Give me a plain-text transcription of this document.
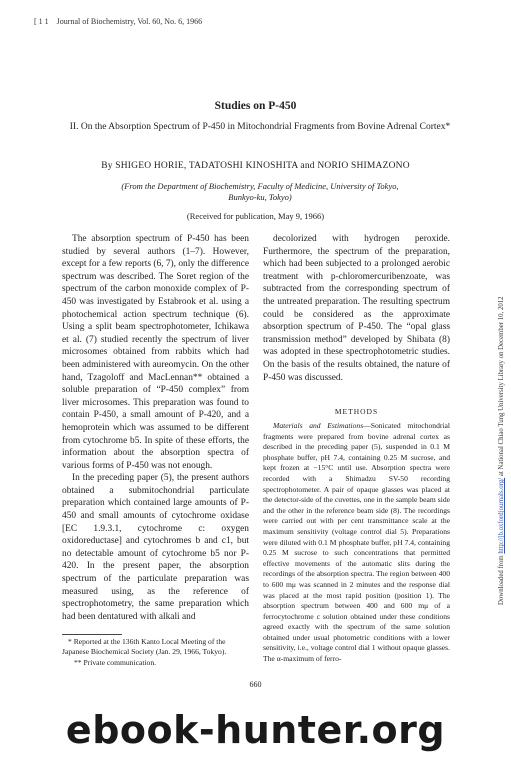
[ 1 1 Journal of Biochemistry, Vol. 60, No. 6, 1966
Studies on P-450
II. On the Absorption Spectrum of P-450 in Mitochondrial Fragments from Bovine Adrenal Cortex*
By SHIGEO HORIE, TADATOSHI KINOSHITA and NORIO SHIMAZONO
(From the Department of Biochemistry, Faculty of Medicine, University of Tokyo, Bunkyo-ku, Tokyo)
(Received for publication, May 9, 1966)

The absorption spectrum of P-450 has been studied by several authors (1–7). However, except for a few reports (6, 7), only the difference spectrum was described. The Soret region of the spectrum of the carbon monoxide complex of P-450 was investigated by Estabrook et al. using a photochemical action spectrum technique (6). Using a split beam spectrophotometer, Ichikawa et al. (7) studied recently the spectrum of liver microsomes obtained from rabbits which had been administered with aureomycin. On the other hand, Tzagoloff and MacLennan** obtained a soluble preparation of “P-450 complex” from liver microsomes. This preparation was found to contain P-450, a small amount of P-420, and a hemoprotein which was assumed to be different from cytochrome b5. In spite of these efforts, the information about the absorption spectra of various forms of P-450 was not enough.

In the preceding paper (5), the present authors obtained a submitochondrial particulate preparation which contained large amounts of P-450 and small amounts of cytochrome oxidase [EC 1.9.3.1, cytochrome c: oxygen oxidoreductase] and cytochromes b and c1, but no detectable amount of cytochrome b5 nor P-420. In the present paper, the absorption spectrum of the particulate preparation was measured using, as the reference of spectrophotometry, the same preparation which had been dentatured with alkali and

decolorized with hydrogen peroxide. Furthermore, the spectrum of the preparation, which had been subjected to a prolonged aerobic treatment with p-chloromercuribenzoate, was subtracted from the corresponding spectrum of the untreated preparation. The resulting spectrum could be considered as the approximate absorption spectrum of P-450. The “opal glass transmission method” developed by Shibata (8) was adopted in these spectrophotometric studies. On the basis of the results obtained, the nature of P-450 was discussed.

METHODS

Materials and Estimations—Sonicated mitochondrial fragments were prepared from bovine adrenal cortex as described in the preceding paper (5), suspended in 0.1 M phosphate buffer, pH 7.4, containing 0.25 M sucrose, and kept frozen at −15°C until use. Absorption spectra were recorded with a Shimadzu SV-50 recording spectrophotometer. A pair of opaque glasses was placed at the detector-side of the cuvettes, one in the sample beam side and the other in the reference beam side (8). The recordings were carried out with per cent transmittance scale at the maximum sensitivity (voltage control dial 5). Preparations were diluted with 0.1 M phosphate buffer, pH 7.4, containing 0.25 M sucrose to such concentrations that permitted effective movements of the automatic slits during the recordings of the absorption spectra. The region between 400 to 600 mμ was scanned in 2 minutes and the response dial was placed at the most rapid position (position 1). The absorption spectrum between 400 and 600 mμ of a ferrocytochrome c solution obtained under these conditions agreed exactly with the spectrum of the same solution obtained under usual photometric conditions with a lower sensitivity, i.e., voltage control dial 1 without opaque glasses. The α-maximum of ferro-

* Reported at the 136th Kanto Local Meeting of the Japanese Biochemical Society (Jan. 29, 1966, Tokyo).

** Private communication.

660
Downloaded from http://jb.oxfordjournals.org/ at National Chiao Tung University Library on December 10, 2012
ebook-hunter.org
